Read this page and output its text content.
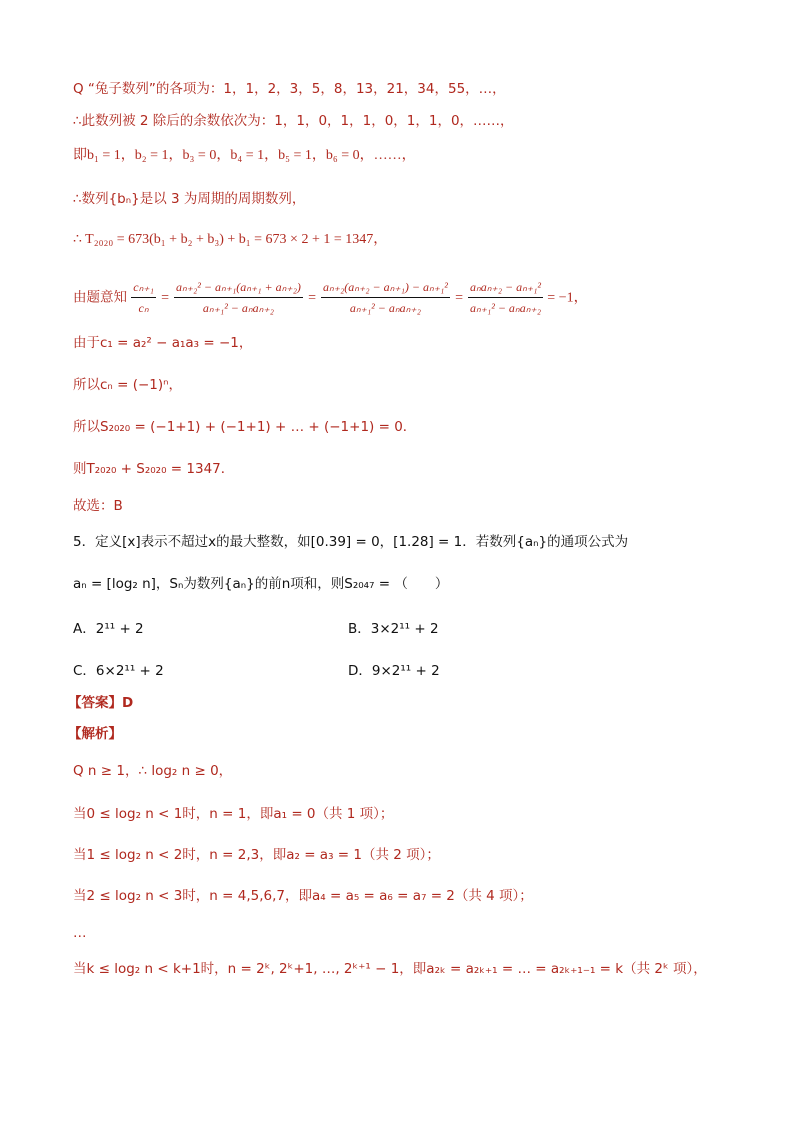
Q “兔子数列”的各项为：1，1，2，3，5，8，13，21，34，55，…，
∴此数列被 2 除后的余数依次为：1，1，0，1，1，0，1，1，0，……，
即b₁ = 1，b₂ = 1，b₃ = 0，b₄ = 1，b₅ = 1，b₆ = 0，……，
∴数列{bₙ}是以 3 为周期的周期数列，
∴ T₂₀₂₀ = 673(b₁ + b₂ + b₃) + b₁ = 673 × 2 + 1 = 1347，
由题意知 $\frac{\text{cₙ₊₁}}{\text{cₙ}} = \frac{\text{aₙ₊₂² − aₙ₊₁(aₙ₊₁ + aₙ₊₂)}}{\text{aₙ₊₁² − aₙaₙ₊₂}} = \frac{\text{aₙ₊₂(aₙ₊₂ − aₙ₊₁) − aₙ₊₁²}}{\text{aₙ₊₁² − aₙaₙ₊₂}} = \frac{\text{aₙaₙ₊₂ − aₙ₊₁²}}{\text{aₙ₊₁² − aₙaₙ₊₂}} = -1$，
由于c₁ = a₂² − a₁a₃ = −1，
所以cₙ = (−1)ⁿ，
所以S₂₀₂₀ = (−1+1) + (−1+1) + … + (−1+1) = 0．
则T₂₀₂₀ + S₂₀₂₀ = 1347．
故选：B
5．定义[x]表示不超过x的最大整数，如[0.39] = 0，[1.28] = 1．若数列{aₙ}的通项公式为
aₙ = [log₂ n]，Sₙ为数列{aₙ}的前n项和，则S₂₀₄₇ = （　　）
A．2¹¹ + 2	B．3×2¹¹ + 2
C．6×2¹¹ + 2	D．9×2¹¹ + 2
【答案】D
【解析】
Q n ≥ 1，∴ log₂ n ≥ 0，
当0 ≤ log₂ n < 1时，n = 1，即a₁ = 0（共 1 项）；
当1 ≤ log₂ n < 2时，n = 2,3，即a₂ = a₃ = 1（共 2 项）；
当2 ≤ log₂ n < 3时，n = 4,5,6,7，即a₄ = a₅ = a₆ = a₇ = 2（共 4 项）；
…
当k ≤ log₂ n < k+1时，n = 2ᵏ, 2ᵏ+1, …, 2ᵏ⁺¹ − 1，即a₂ₖ = a₂ₖ₊₁ = … = a₂ₖ₊₁₋₁ = k（共 2ᵏ 项），
